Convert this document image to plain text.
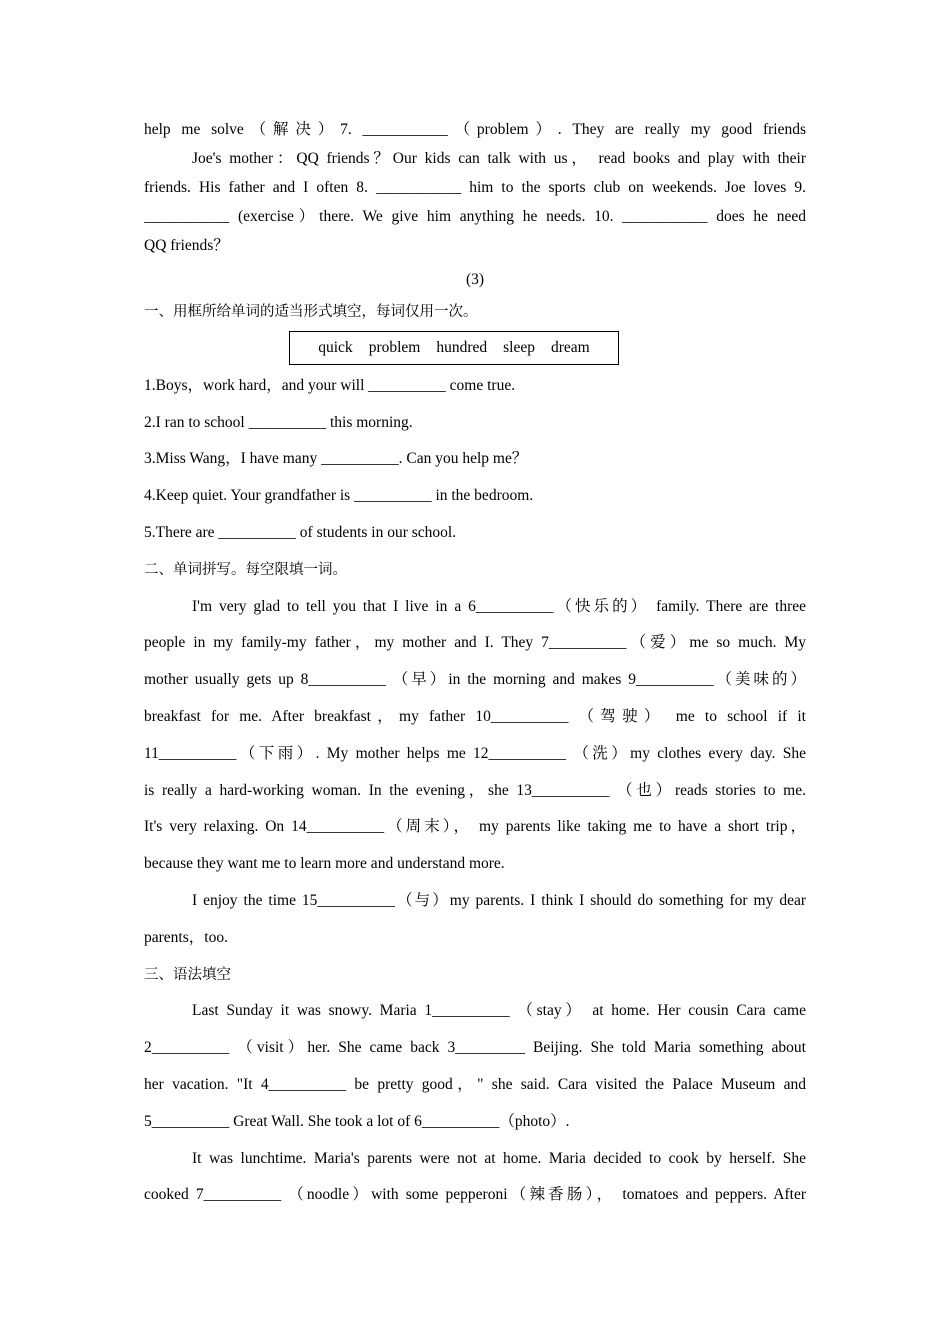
help me solve（解决）7. ___________（problem）. They are really my good friends
Joe's mother：QQ friends？Our kids can talk with us， read books and play with their
friends. His father and I often 8. ___________ him to the sports club on weekends. Joe loves 9.
___________ (exercise）there. We give him anything he needs. 10. ___________ does he need
QQ friends？
(3)
一、用框所给单词的适当形式填空，每词仅用一次。
quick problem hundred sleep dream
1.Boys，work hard，and your will __________ come true.
2.I ran to school __________ this morning.
3.Miss Wang，I have many __________. Can you help me？
4.Keep quiet. Your grandfather is __________ in the bedroom.
5.There are __________ of students in our school.
二、单词拼写。每空限填一词。
I'm very glad to tell you that I live in a 6__________（快乐的） family. There are three
people in my family-my father，my mother and I. They 7__________（爱）me so much. My
mother usually gets up 8__________ （早）in the morning and makes 9__________（美味的）
breakfast for me. After breakfast，my father 10__________ （驾驶） me to school if it
11__________（下雨）. My mother helps me 12__________ （洗）my clothes every day. She
is really a hard-working woman. In the evening，she 13__________ （也）reads stories to me.
It's very relaxing. On 14__________（周末）， my parents like taking me to have a short trip，
because they want me to learn more and understand more.
I enjoy the time 15__________（与）my parents. I think I should do something for my dear
parents，too.
三、语法填空
Last Sunday it was snowy. Maria 1__________ （stay） at home. Her cousin Cara came
2__________ （visit）her. She came back 3_________ Beijing. She told Maria something about
her vacation. "It 4__________ be pretty good，" she said. Cara visited the Palace Museum and
5__________ Great Wall. She took a lot of 6__________（photo）.
It was lunchtime. Maria's parents were not at home. Maria decided to cook by herself. She
cooked 7__________ （noodle）with some pepperoni（辣香肠）， tomatoes and peppers. After
